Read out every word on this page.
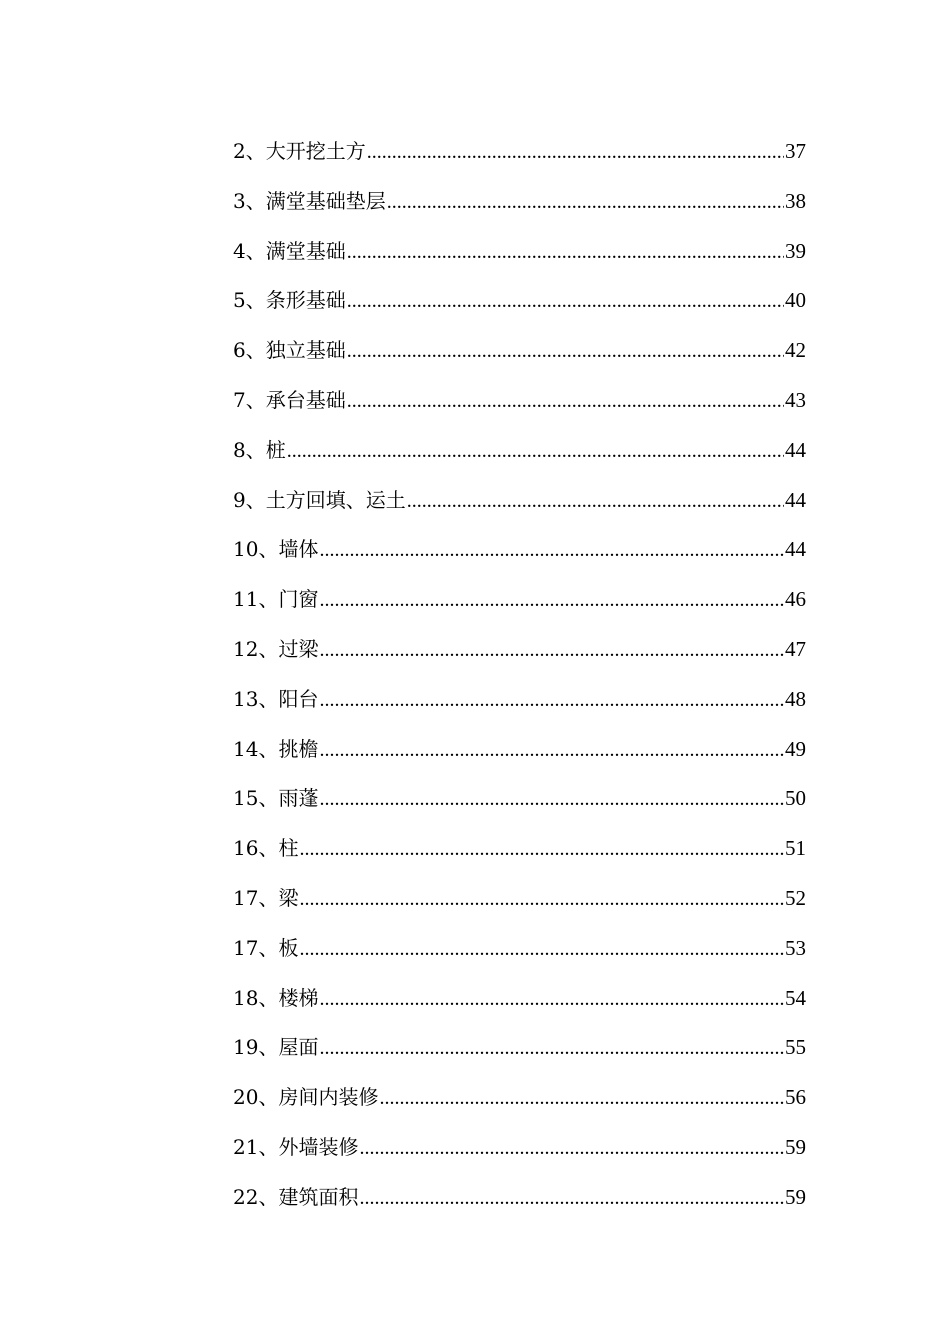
2、大开挖土方 .....	37
3、满堂基础垫层 .....	38
4、满堂基础 .....	39
5、条形基础 .....	40
6、独立基础 .....	42
7、承台基础 .....	43
8、桩 .....	44
9、土方回填、运土 .....	44
10、墙体 .....	44
11、门窗 .....	46
12、过梁 .....	47
13、阳台 .....	48
14、挑檐 .....	49
15、雨蓬 .....	50
16、柱 .....	51
17、梁 .....	52
17、板 .....	53
18、楼梯 .....	54
19、屋面 .....	55
20、房间内装修 .....	56
21、外墙装修 .....	59
22、建筑面积 .....	59
